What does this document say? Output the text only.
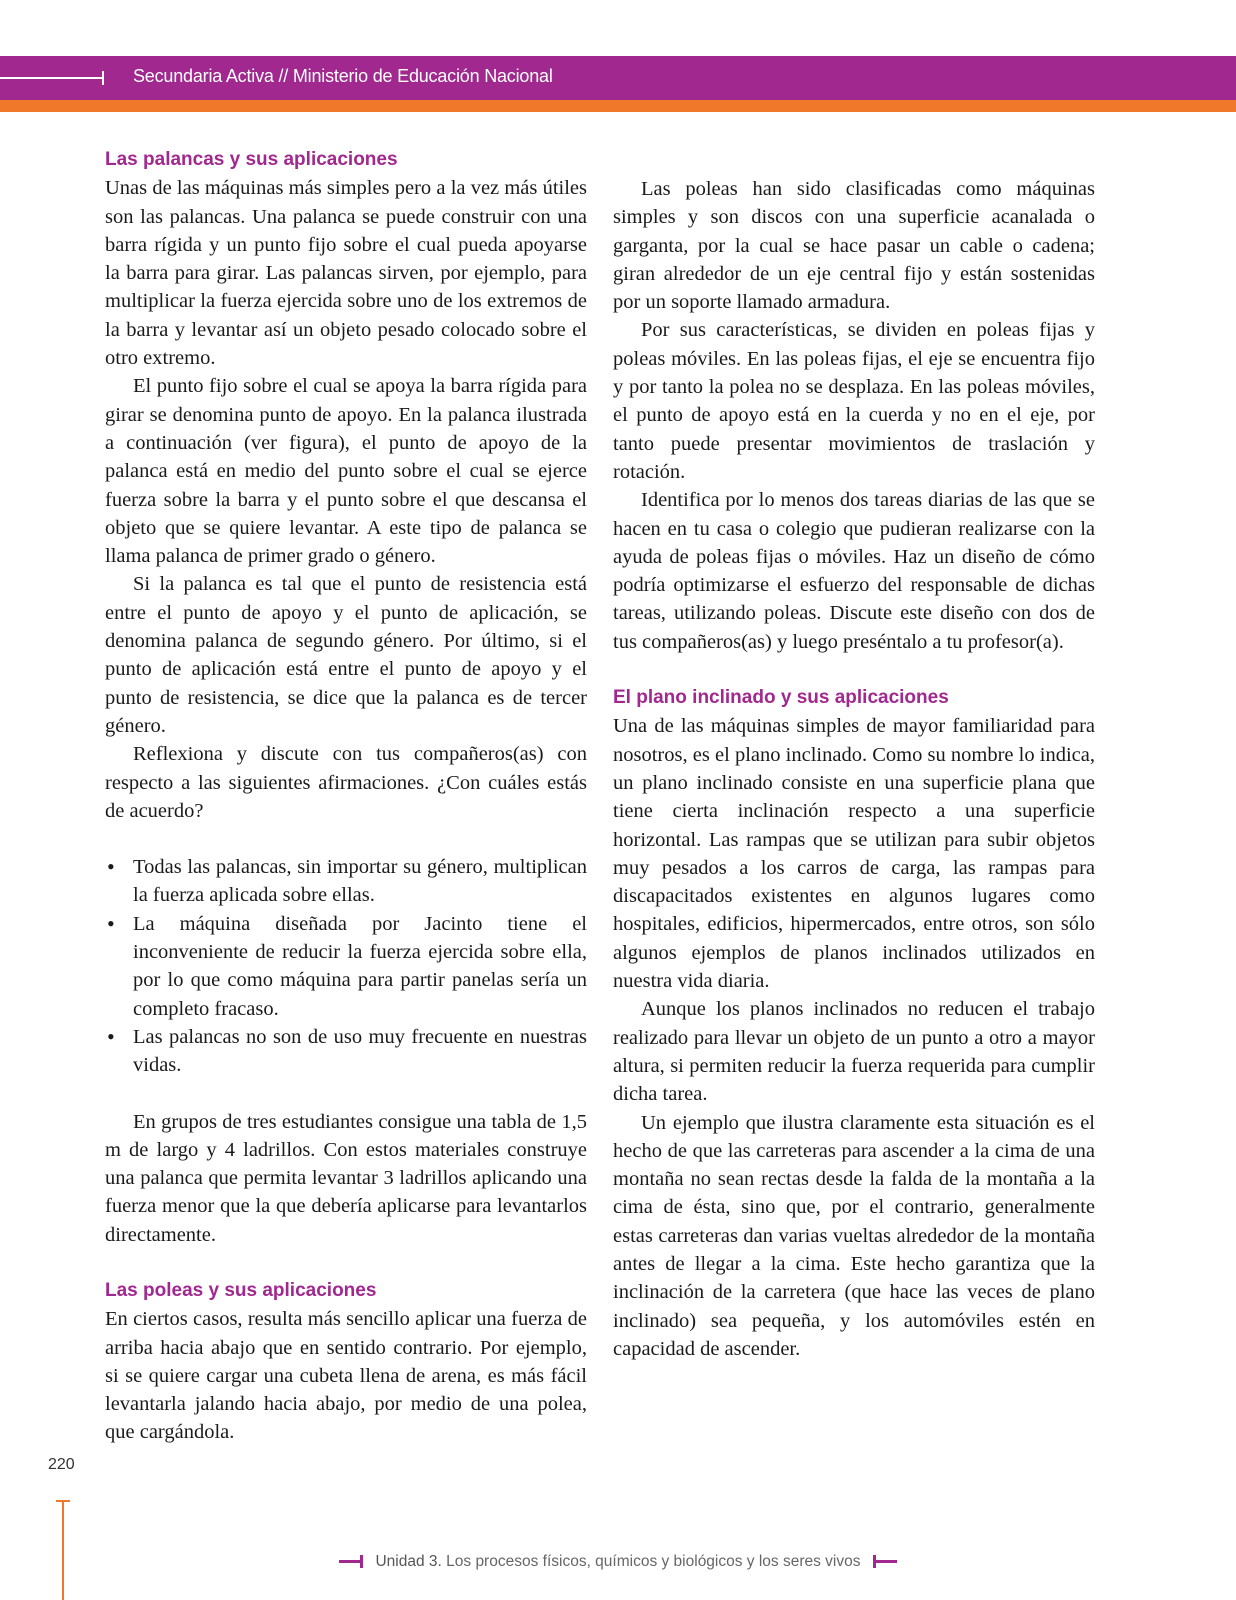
Secundaria Activa // Ministerio de Educación Nacional
Las palancas y sus aplicaciones

Unas de las máquinas más simples pero a la vez más útiles son las palancas. Una palanca se puede construir con una barra rígida y un punto fijo sobre el cual pueda apoyarse la barra para girar. Las palancas sirven, por ejemplo, para multiplicar la fuerza ejercida sobre uno de los extremos de la barra y levantar así un objeto pesado colocado sobre el otro extremo.

El punto fijo sobre el cual se apoya la barra rígida para girar se denomina punto de apoyo. En la palanca ilustrada a continuación (ver figura), el punto de apoyo de la palanca está en medio del punto sobre el cual se ejerce fuerza sobre la barra y el punto sobre el que descansa el objeto que se quiere levantar. A este tipo de palanca se llama palanca de primer grado o género.

Si la palanca es tal que el punto de resistencia está entre el punto de apoyo y el punto de aplicación, se denomina palanca de segundo género. Por último, si el punto de aplicación está entre el punto de apoyo y el punto de resistencia, se dice que la palanca es de tercer género.

Reflexiona y discute con tus compañeros(as) con respecto a las siguientes afirmaciones. ¿Con cuáles estás de acuerdo?

• Todas las palancas, sin importar su género, multiplican la fuerza aplicada sobre ellas.
• La máquina diseñada por Jacinto tiene el inconveniente de reducir la fuerza ejercida sobre ella, por lo que como máquina para partir panelas sería un completo fracaso.
• Las palancas no son de uso muy frecuente en nuestras vidas.

En grupos de tres estudiantes consigue una tabla de 1,5 m de largo y 4 ladrillos. Con estos materiales construye una palanca que permita levantar 3 ladrillos aplicando una fuerza menor que la que debería aplicarse para levantarlos directamente.

Las poleas y sus aplicaciones

En ciertos casos, resulta más sencillo aplicar una fuerza de arriba hacia abajo que en sentido contrario. Por ejemplo, si se quiere cargar una cubeta llena de arena, es más fácil levantarla jalando hacia abajo, por medio de una polea, que cargándola.

Las poleas han sido clasificadas como máquinas simples y son discos con una superficie acanalada o garganta, por la cual se hace pasar un cable o cadena; giran alrededor de un eje central fijo y están sostenidas por un soporte llamado armadura.

Por sus características, se dividen en poleas fijas y poleas móviles. En las poleas fijas, el eje se encuentra fijo y por tanto la polea no se desplaza. En las poleas móviles, el punto de apoyo está en la cuerda y no en el eje, por tanto puede presentar movimientos de traslación y rotación.

Identifica por lo menos dos tareas diarias de las que se hacen en tu casa o colegio que pudieran realizarse con la ayuda de poleas fijas o móviles. Haz un diseño de cómo podría optimizarse el esfuerzo del responsable de dichas tareas, utilizando poleas. Discute este diseño con dos de tus compañeros(as) y luego preséntalo a tu profesor(a).

El plano inclinado y sus aplicaciones

Una de las máquinas simples de mayor familiaridad para nosotros, es el plano inclinado. Como su nombre lo indica, un plano inclinado consiste en una superficie plana que tiene cierta inclinación respecto a una superficie horizontal. Las rampas que se utilizan para subir objetos muy pesados a los carros de carga, las rampas para discapacitados existentes en algunos lugares como hospitales, edificios, hipermercados, entre otros, son sólo algunos ejemplos de planos inclinados utilizados en nuestra vida diaria.

Aunque los planos inclinados no reducen el trabajo realizado para llevar un objeto de un punto a otro a mayor altura, si permiten reducir la fuerza requerida para cumplir dicha tarea.

Un ejemplo que ilustra claramente esta situación es el hecho de que las carreteras para ascender a la cima de una montaña no sean rectas desde la falda de la montaña a la cima de ésta, sino que, por el contrario, generalmente estas carreteras dan varias vueltas alrededor de la montaña antes de llegar a la cima. Este hecho garantiza que la inclinación de la carretera (que hace las veces de plano inclinado) sea pequeña, y los automóviles estén en capacidad de ascender.

220
Unidad 3. Los procesos físicos, químicos y biológicos y los seres vivos
